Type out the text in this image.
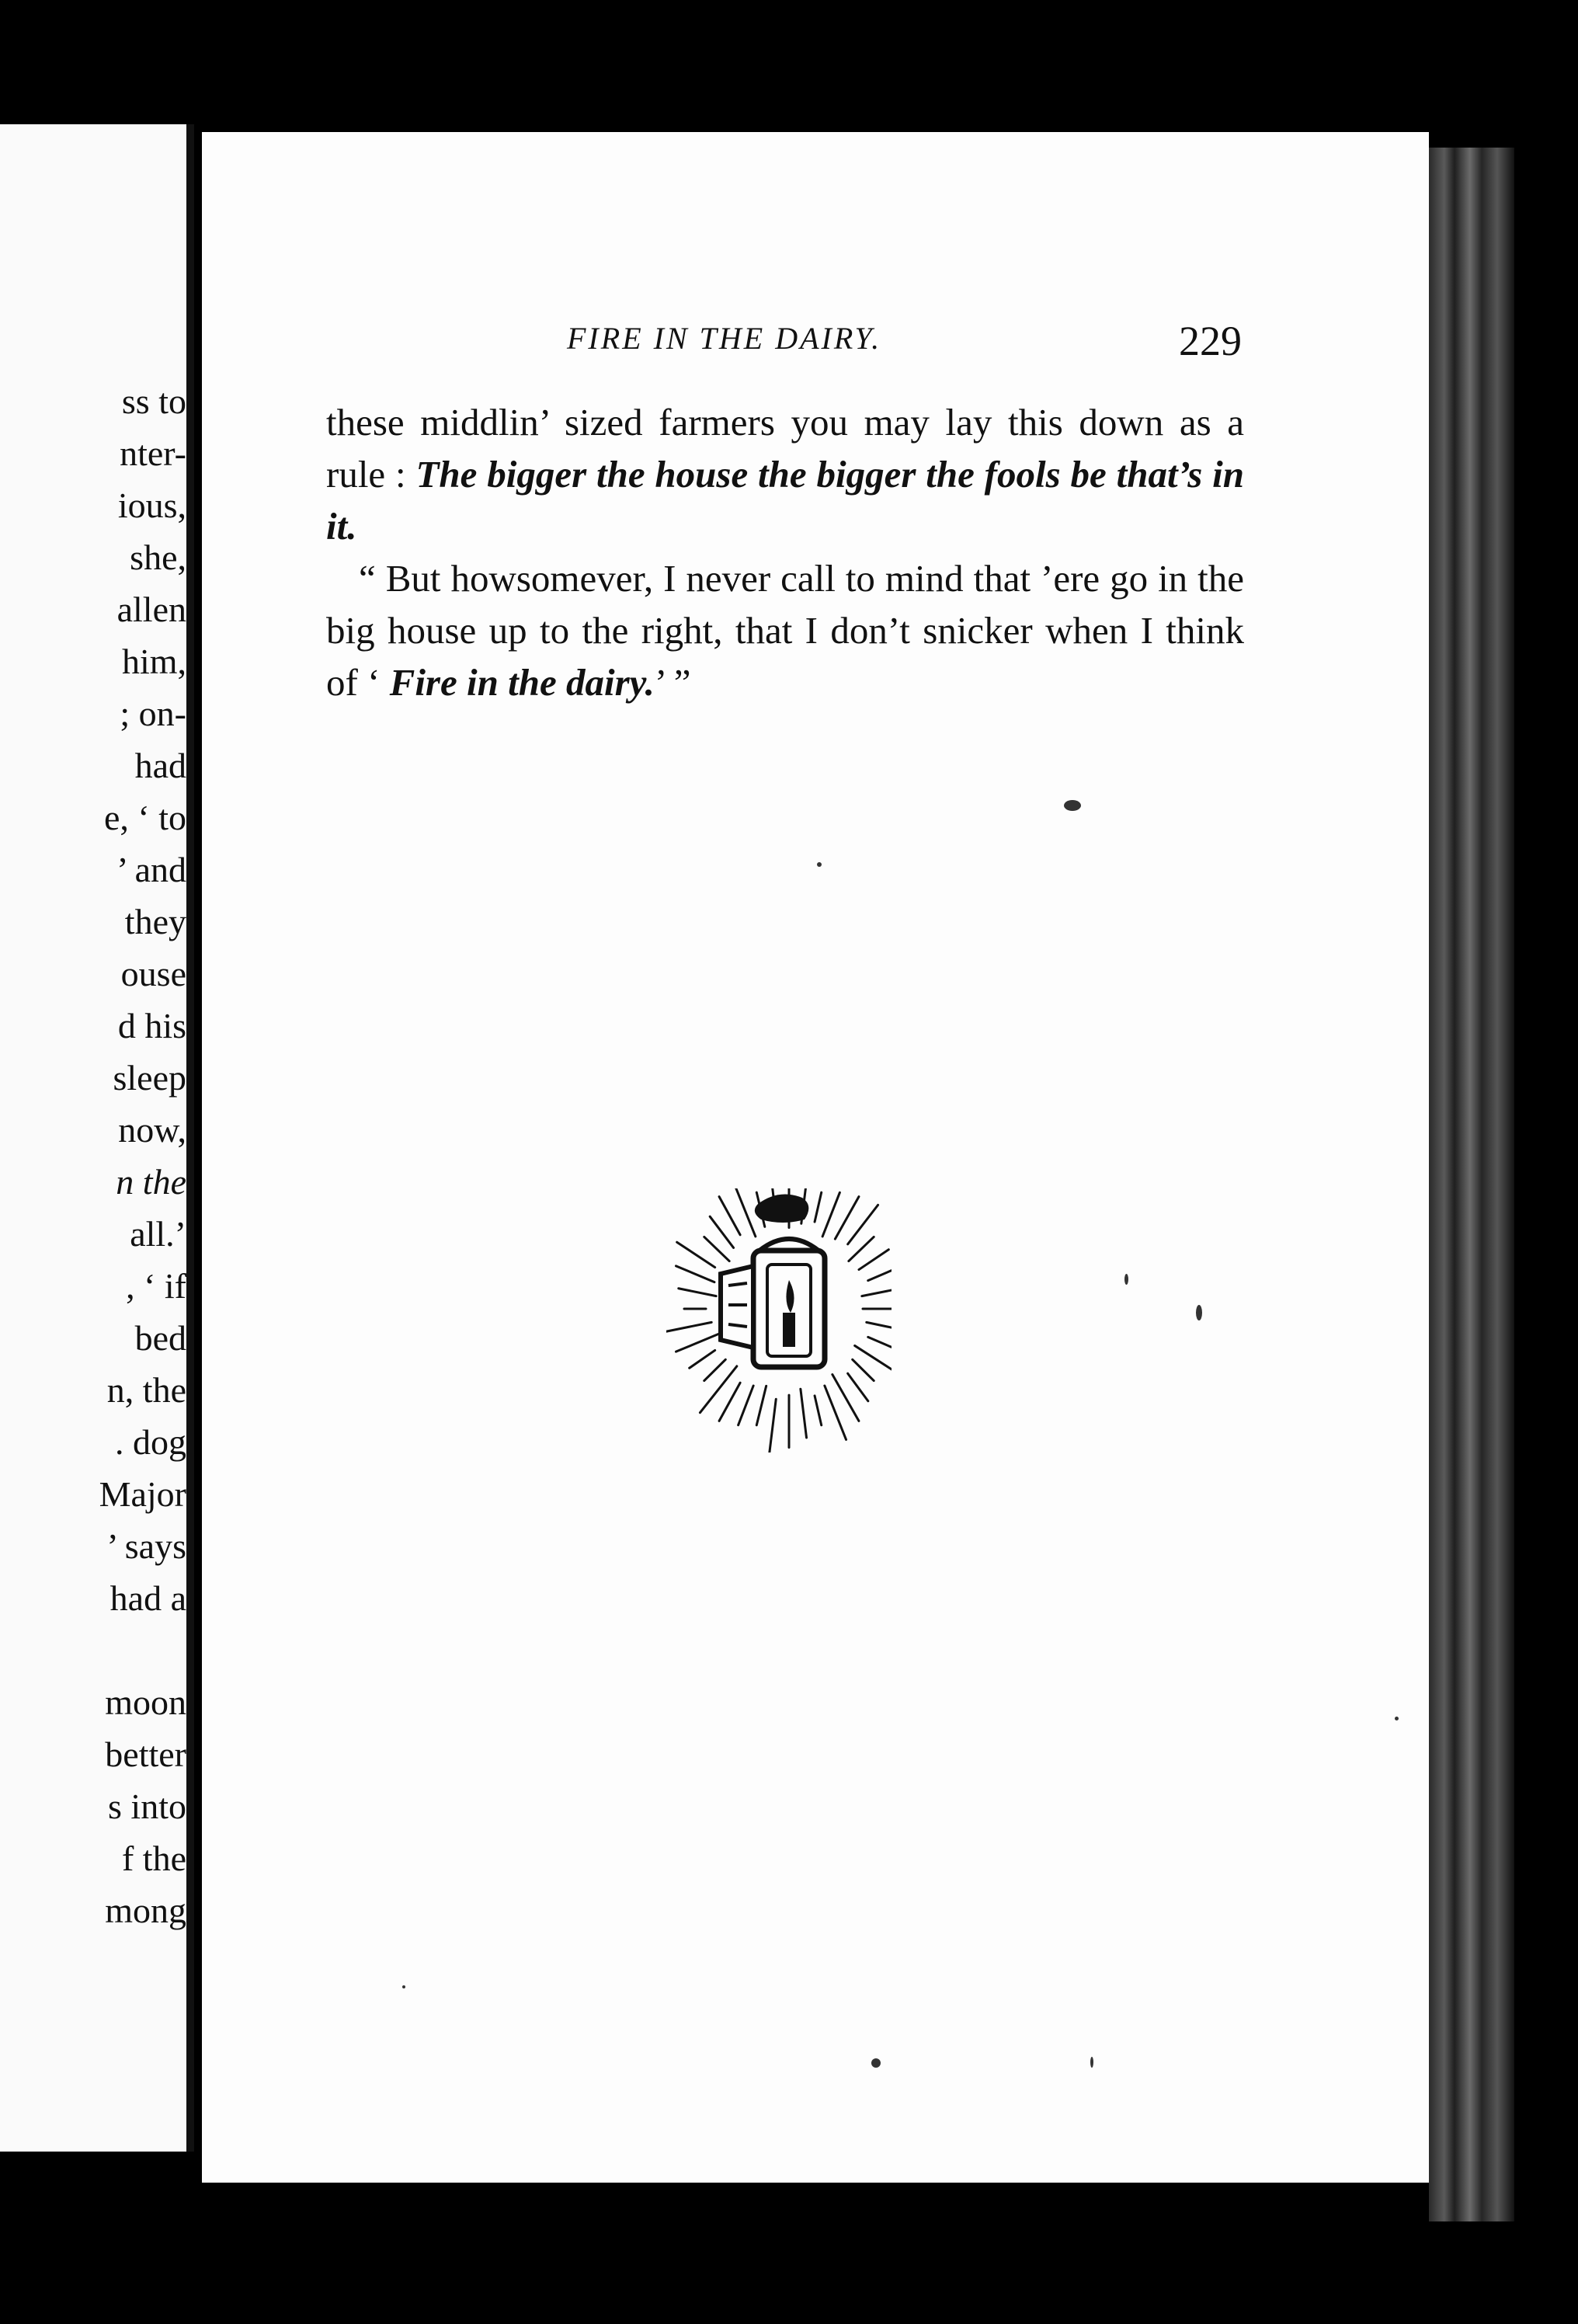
ss to
nter-
ious,
she,
allen
him,
; on-
had
e, ‘ to
’ and
they
ouse
d his
sleep
now,
n the
all.’
, ‘ if
bed
n, the
. dog
Major
’ says
had a
moon
better
s into
f the
mong
FIRE IN THE DAIRY.	229

these middlin’ sized farmers you may lay this down as a rule : The bigger the house the bigger the fools be that’s in it.

“ But howsomever, I never call to mind that ’ere go in the big house up to the right, that I don’t snicker when I think of ‘ Fire in the dairy.’ ”
